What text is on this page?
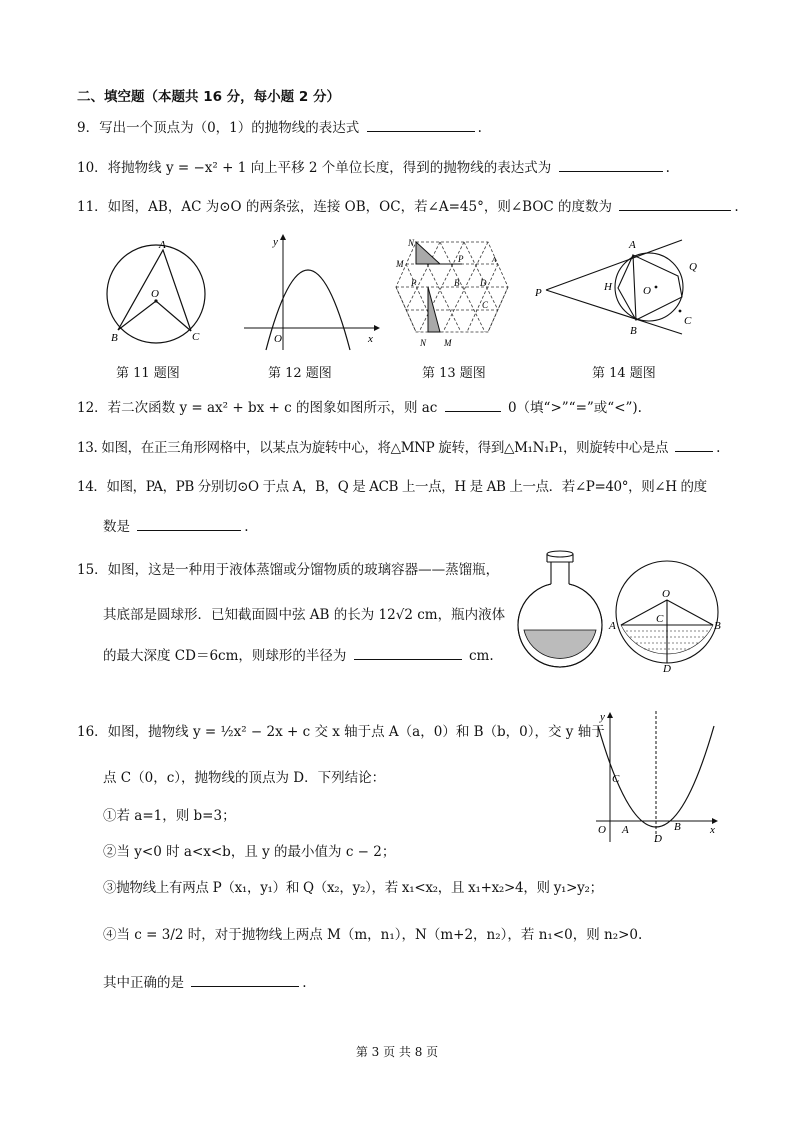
二、填空题（本题共 16 分，每小题 2 分）
9．写出一个顶点为（0，1）的抛物线的表达式	.
10．将抛物线 y = −x² + 1 向上平移 2 个单位长度，得到的抛物线的表达式为	.
11．如图，AB，AC 为⊙O 的两条弦，连接 OB，OC，若∠A=45°，则∠BOC 的度数为	.
A
O
B	C
y
O	x
N
M	P	A
P	B D
C
N M
A
Q
P	H	O
B
C
第 11 题图	第 12 题图	第 13 题图	第 14 题图
12．若二次函数 y = ax² + bx + c 的图象如图所示，则 ac	0（填“>”“=”或“<”).
13. 如图，在正三角形网格中，以某点为旋转中心，将△MNP 旋转，得到△M₁N₁P₁，则旋转中心是点	.
14．如图，PA，PB 分别切⊙O 于点 A，B，Q 是 ACB 上一点，H 是 AB 上一点．若∠P=40°，则∠H 的度
数是	.
15．如图，这是一种用于液体蒸馏或分馏物质的玻璃容器——蒸馏瓶，
其底部是圆球形．已知截面圆中弦 AB 的长为 12√2 cm，瓶内液体
的最大深度 CD＝6cm，则球形的半径为	cm.
O
C
A	B
D
16．如图，抛物线 y = ½x² − 2x + c 交 x 轴于点 A（a，0）和 B（b，0），交 y 轴于
点 C（0，c），抛物线的顶点为 D．下列结论：
①若 a=1，则 b=3；
②当 y<0 时 a<x<b，且 y 的最小值为 c − 2；
③抛物线上有两点 P（x₁，y₁）和 Q（x₂，y₂），若 x₁<x₂，且 x₁+x₂>4，则 y₁>y₂；
④当 c = 3/2 时，对于抛物线上两点 M（m，n₁），N（m+2，n₂），若 n₁<0，则 n₂>0.
其中正确的是	.
y
C
O A
D
B	x
第 3 页 共 8 页
